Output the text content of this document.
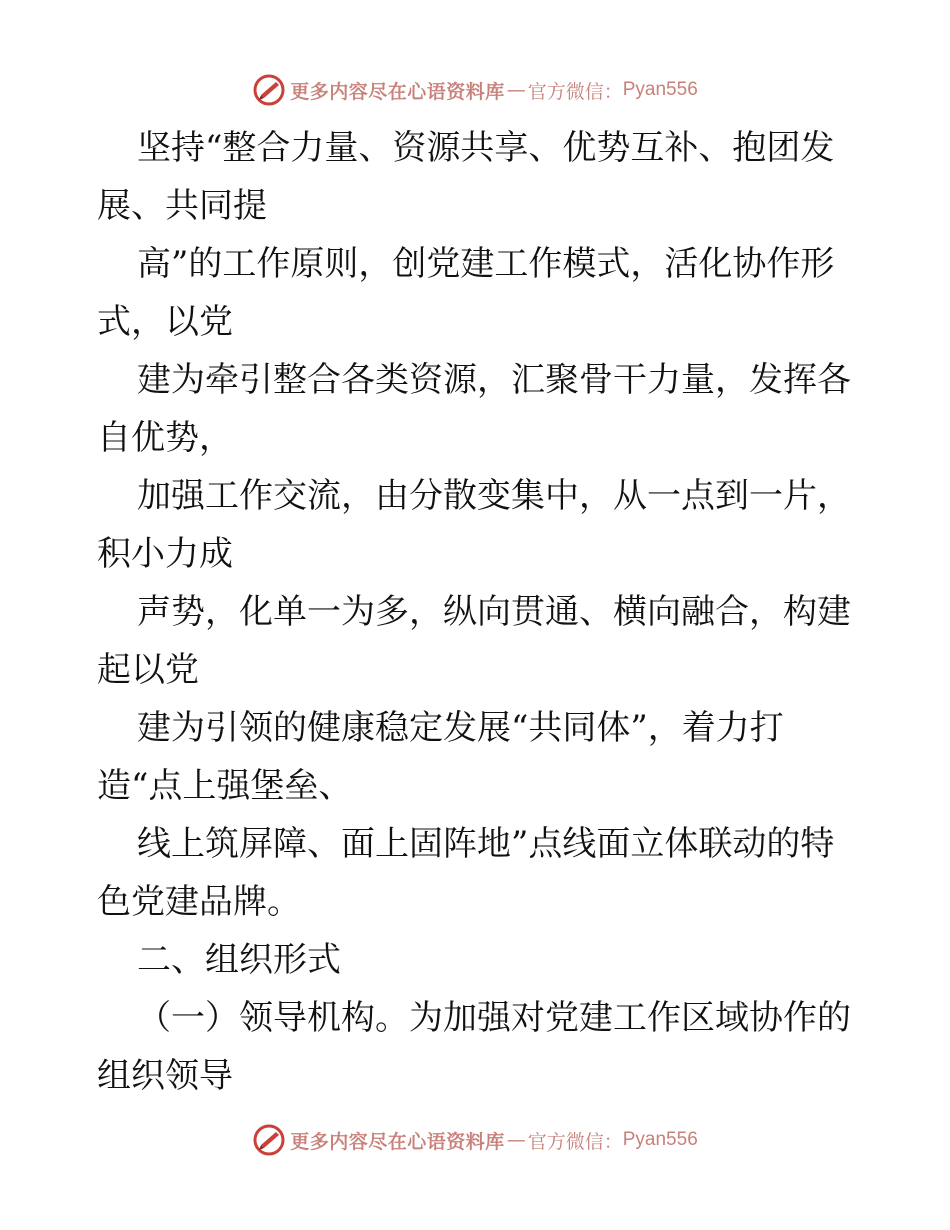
更多内容尽在心语资料库 — 官方微信： Pyan556
坚持“整合力量、资源共享、优势互补、抱团发
展、共同提
高”的工作原则，创党建工作模式，活化协作形
式，以党
建为牵引整合各类资源，汇聚骨干力量，发挥各
自优势，
加强工作交流，由分散变集中，从一点到一片，
积小力成
声势，化单一为多，纵向贯通、横向融合，构建
起以党
建为引领的健康稳定发展“共同体”，着力打
造“点上强堡垒、
线上筑屏障、面上固阵地”点线面立体联动的特
色党建品牌。
二、组织形式
（一）领导机构。为加强对党建工作区域协作的
组织领导
更多内容尽在心语资料库 — 官方微信： Pyan556
